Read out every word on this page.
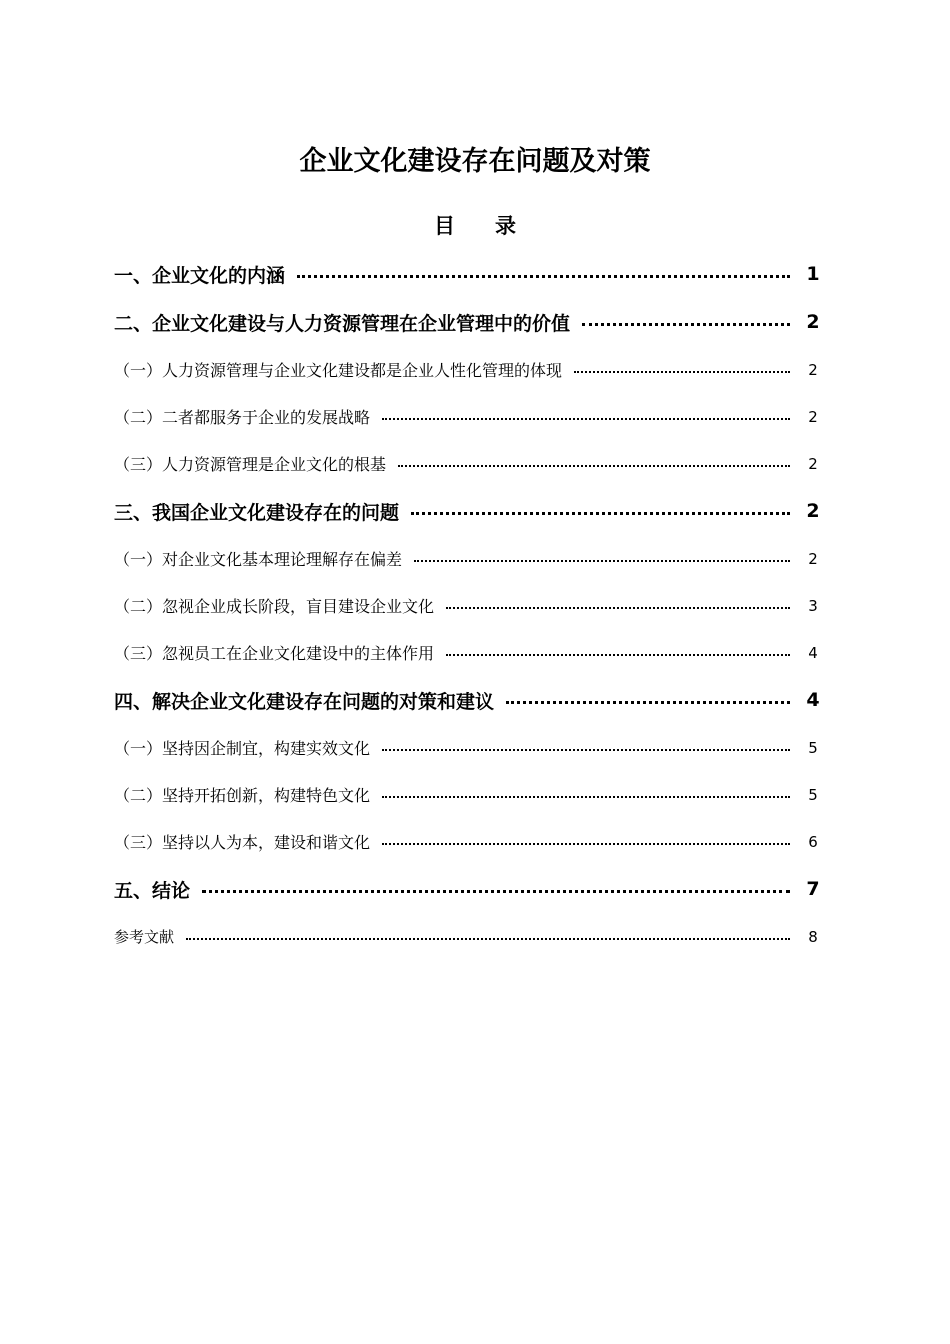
企业文化建设存在问题及对策
目录
一、企业文化的内涵	1
二、企业文化建设与人力资源管理在企业管理中的价值	2
（一）人力资源管理与企业文化建设都是企业人性化管理的体现	2
（二）二者都服务于企业的发展战略	2
（三）人力资源管理是企业文化的根基	2
三、我国企业文化建设存在的问题	2
（一）对企业文化基本理论理解存在偏差	2
（二）忽视企业成长阶段，盲目建设企业文化	3
（三）忽视员工在企业文化建设中的主体作用	4
四、解决企业文化建设存在问题的对策和建议	4
（一）坚持因企制宜，构建实效文化	5
（二）坚持开拓创新，构建特色文化	5
（三）坚持以人为本，建设和谐文化	6
五、结论	7
参考文献	8
